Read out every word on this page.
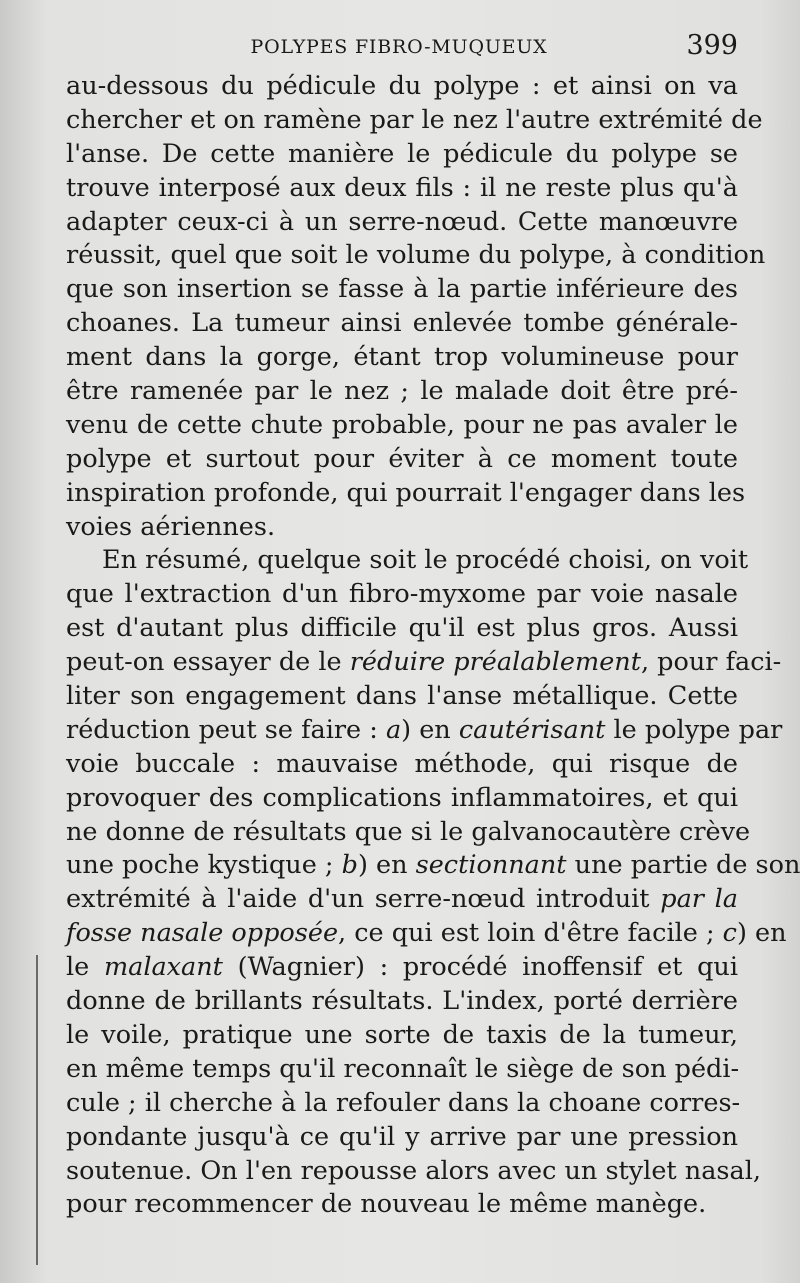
POLYPES FIBRO-MUQUEUX	399
au-dessous du pédicule du polype : et ainsi on va
chercher et on ramène par le nez l'autre extrémité de
l'anse. De cette manière le pédicule du polype se
trouve interposé aux deux fils : il ne reste plus qu'à
adapter ceux-ci à un serre-nœud. Cette manœuvre
réussit, quel que soit le volume du polype, à condition
que son insertion se fasse à la partie inférieure des
choanes. La tumeur ainsi enlevée tombe générale-
ment dans la gorge, étant trop volumineuse pour
être ramenée par le nez ; le malade doit être pré-
venu de cette chute probable, pour ne pas avaler le
polype et surtout pour éviter à ce moment toute
inspiration profonde, qui pourrait l'engager dans les
voies aériennes.
En résumé, quelque soit le procédé choisi, on voit
que l'extraction d'un fibro-myxome par voie nasale
est d'autant plus difficile qu'il est plus gros. Aussi
peut-on essayer de le réduire préalablement, pour faci-
liter son engagement dans l'anse métallique. Cette
réduction peut se faire : a) en cautérisant le polype par
voie buccale : mauvaise méthode, qui risque de
provoquer des complications inflammatoires, et qui
ne donne de résultats que si le galvanocautère crève
une poche kystique ; b) en sectionnant une partie de son
extrémité à l'aide d'un serre-nœud introduit par la
fosse nasale opposée, ce qui est loin d'être facile ; c) en
le malaxant (Wagnier) : procédé inoffensif et qui
donne de brillants résultats. L'index, porté derrière
le voile, pratique une sorte de taxis de la tumeur,
en même temps qu'il reconnaît le siège de son pédi-
cule ; il cherche à la refouler dans la choane corres-
pondante jusqu'à ce qu'il y arrive par une pression
soutenue. On l'en repousse alors avec un stylet nasal,
pour recommencer de nouveau le même manège.
